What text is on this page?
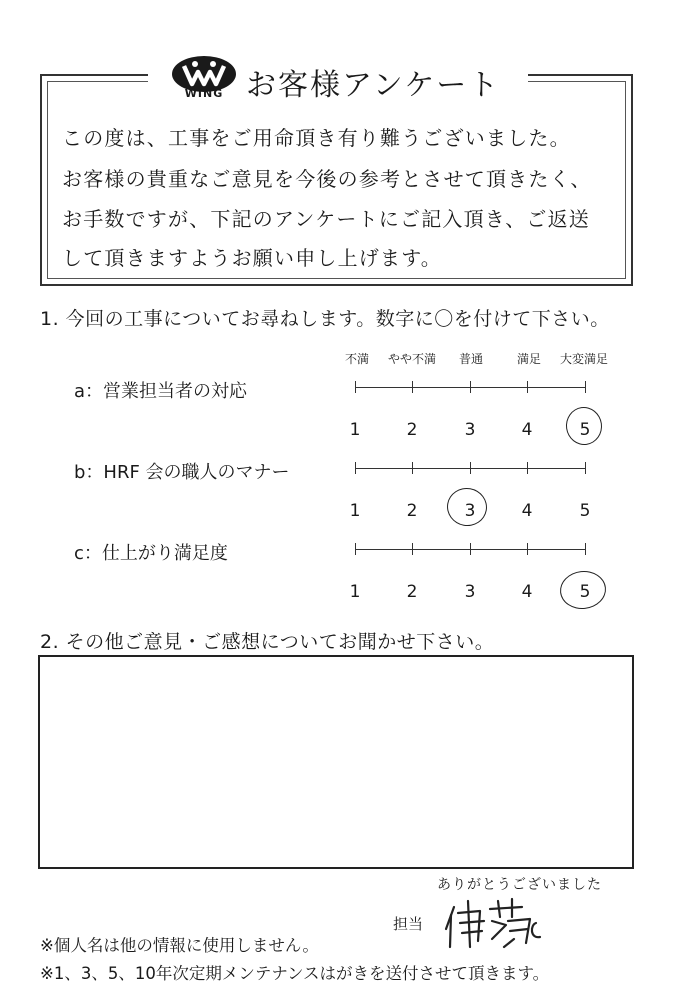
WING お客様アンケート
この度は、工事をご用命頂き有り難うございました。
お客様の貴重なご意見を今後の参考とさせて頂きたく、
お手数ですが、下記のアンケートにご記入頂き、ご返送
して頂きますようお願い申し上げます。
1. 今回の工事についてお尋ねします。数字に〇を付けて下さい。
不満 やや不満 普通	満足 大変満足
a：営業担当者の対応
1	2	3	4	5
b：HRF 会の職人のマナー
1	2	3	4	5
c：仕上がり満足度
1	2	3	4	5
2. その他ご意見・ご感想についてお聞かせ下さい。
ありがとうございました
担当
※個人名は他の情報に使用しません。
※1、3、5、10年次定期メンテナンスはがきを送付させて頂きます。
